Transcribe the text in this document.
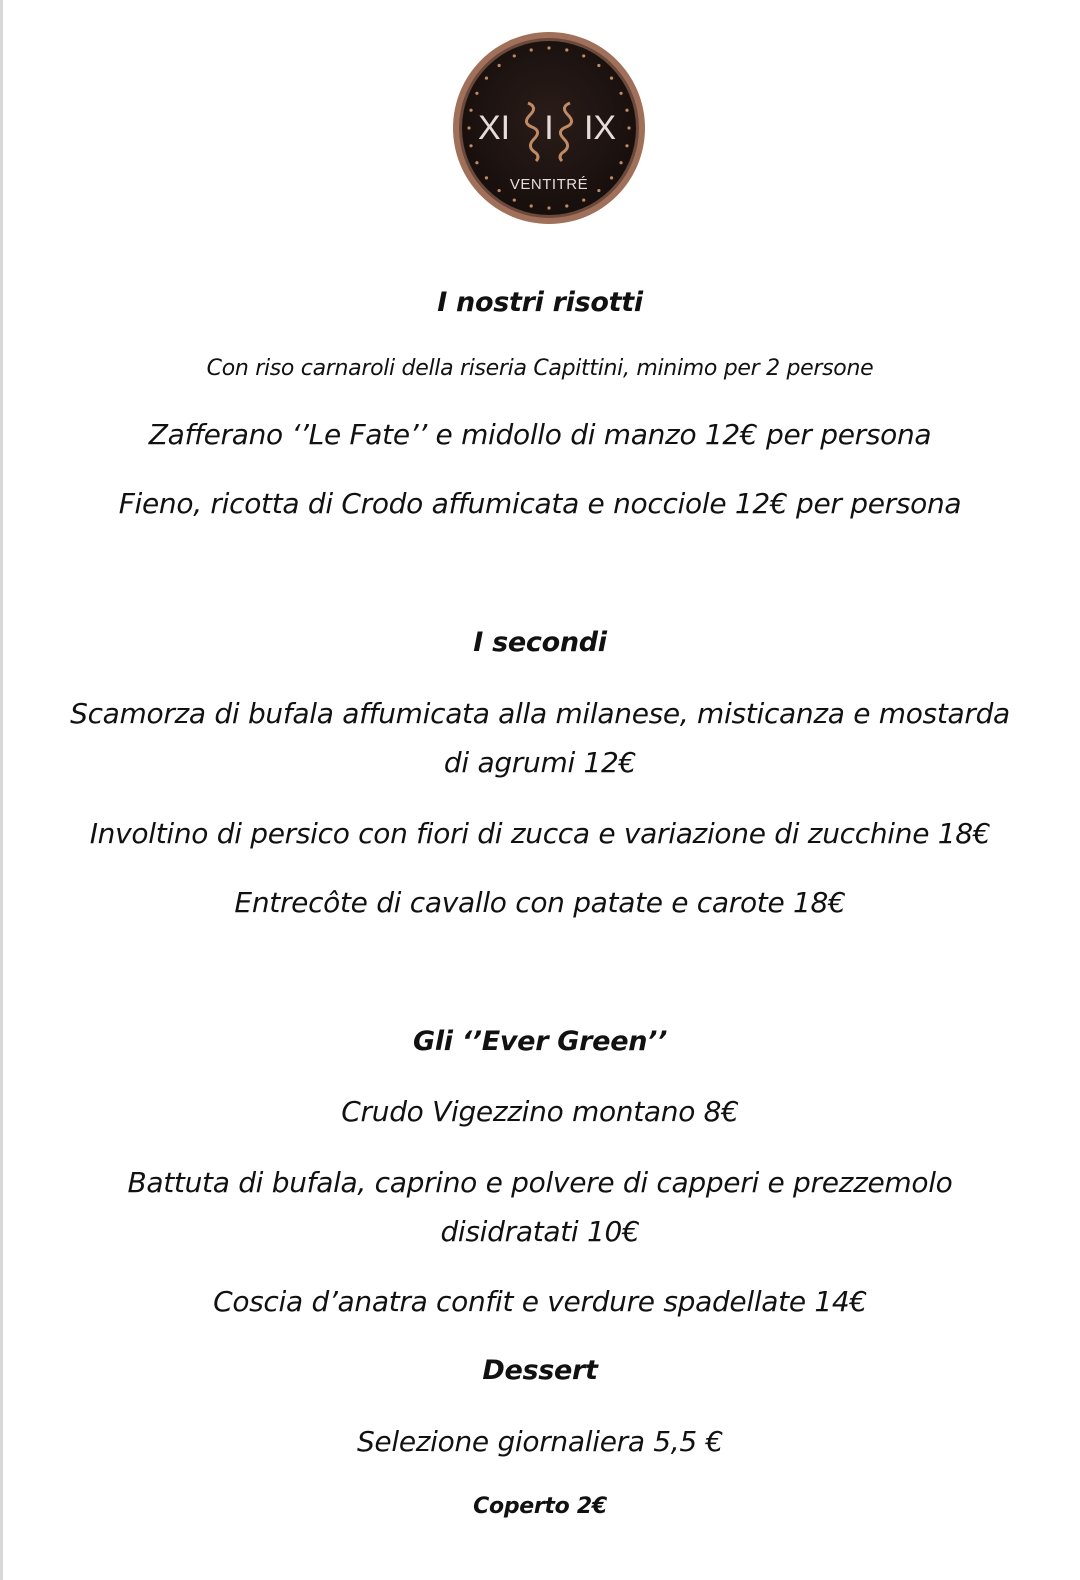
XI I IX
VENTITRÉ
I nostri risotti
Con riso carnaroli della riseria Capittini, minimo per 2 persone
Zafferano ‘’Le Fate’’ e midollo di manzo 12€ per persona
Fieno, ricotta di Crodo affumicata e nocciole 12€ per persona
I secondi
Scamorza di bufala affumicata alla milanese, misticanza e mostarda
di agrumi 12€
Involtino di persico con fiori di zucca e variazione di zucchine 18€
Entrecôte di cavallo con patate e carote 18€
Gli ‘’Ever Green’’
Crudo Vigezzino montano 8€
Battuta di bufala, caprino e polvere di capperi e prezzemolo
disidratati 10€
Coscia d’anatra confit e verdure spadellate 14€
Dessert
Selezione giornaliera 5,5 €
Coperto 2€
